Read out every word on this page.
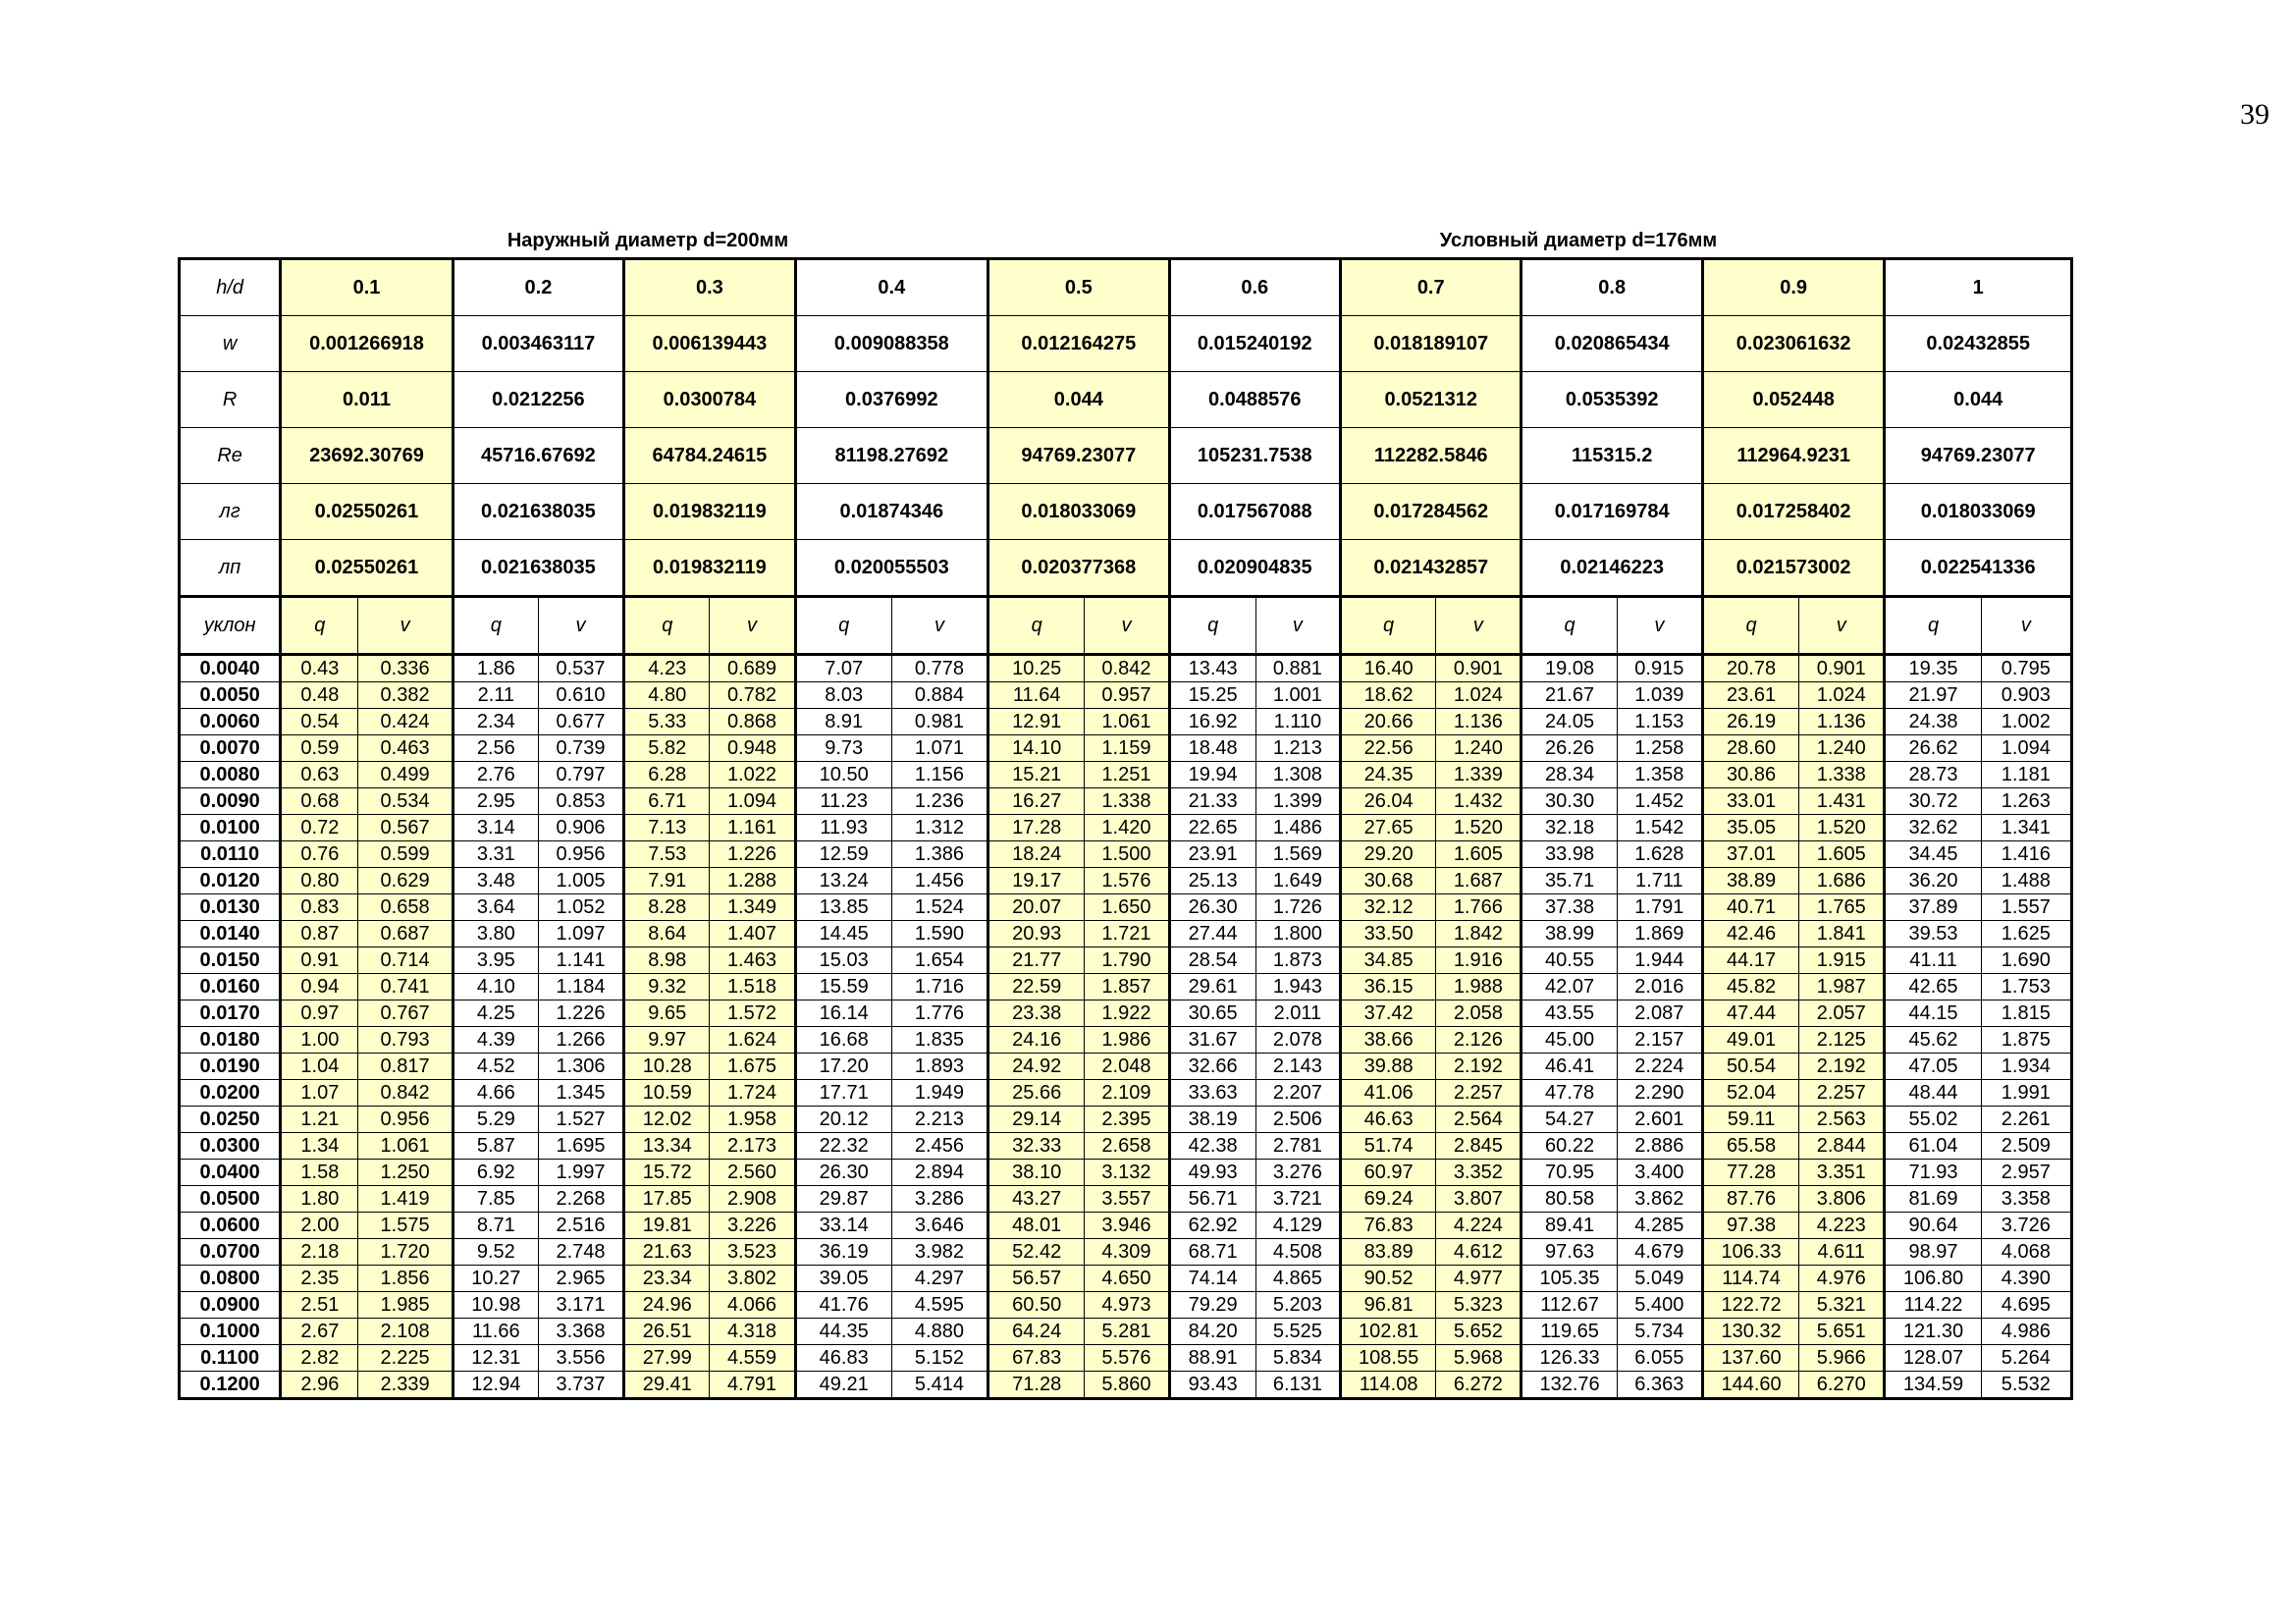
39
Наружный диаметр d=200мм	Условный диаметр d=176мм
h/d	0.1		0.2		0.3		0.4		0.5		0.6		0.7		0.8		0.9		1	
w	0.001266918		0.003463117		0.006139443		0.009088358		0.012164275		0.015240192		0.018189107		0.020865434		0.023061632		0.02432855	
R	0.011		0.0212256		0.0300784		0.0376992		0.044		0.0488576		0.0521312		0.0535392		0.052448		0.044	
Re	23692.30769		45716.67692		64784.24615		81198.27692		94769.23077		105231.7538		112282.5846		115315.2		112964.9231		94769.23077	
лг	0.02550261		0.021638035		0.019832119		0.01874346		0.018033069		0.017567088		0.017284562		0.017169784		0.017258402		0.018033069	
лп	0.02550261		0.021638035		0.019832119		0.020055503		0.020377368		0.020904835		0.021432857		0.02146223		0.021573002		0.022541336	
уклон	q	v	q	v	q	v	q	v	q	v	q	v	q	v	q	v	q	v	q	v
0.0040	0.43	0.336	1.86	0.537	4.23	0.689	7.07	0.778	10.25	0.842	13.43	0.881	16.40	0.901	19.08	0.915	20.78	0.901	19.35	0.795
0.0050	0.48	0.382	2.11	0.610	4.80	0.782	8.03	0.884	11.64	0.957	15.25	1.001	18.62	1.024	21.67	1.039	23.61	1.024	21.97	0.903
0.0060	0.54	0.424	2.34	0.677	5.33	0.868	8.91	0.981	12.91	1.061	16.92	1.110	20.66	1.136	24.05	1.153	26.19	1.136	24.38	1.002
0.0070	0.59	0.463	2.56	0.739	5.82	0.948	9.73	1.071	14.10	1.159	18.48	1.213	22.56	1.240	26.26	1.258	28.60	1.240	26.62	1.094
0.0080	0.63	0.499	2.76	0.797	6.28	1.022	10.50	1.156	15.21	1.251	19.94	1.308	24.35	1.339	28.34	1.358	30.86	1.338	28.73	1.181
0.0090	0.68	0.534	2.95	0.853	6.71	1.094	11.23	1.236	16.27	1.338	21.33	1.399	26.04	1.432	30.30	1.452	33.01	1.431	30.72	1.263
0.0100	0.72	0.567	3.14	0.906	7.13	1.161	11.93	1.312	17.28	1.420	22.65	1.486	27.65	1.520	32.18	1.542	35.05	1.520	32.62	1.341
0.0110	0.76	0.599	3.31	0.956	7.53	1.226	12.59	1.386	18.24	1.500	23.91	1.569	29.20	1.605	33.98	1.628	37.01	1.605	34.45	1.416
0.0120	0.80	0.629	3.48	1.005	7.91	1.288	13.24	1.456	19.17	1.576	25.13	1.649	30.68	1.687	35.71	1.711	38.89	1.686	36.20	1.488
0.0130	0.83	0.658	3.64	1.052	8.28	1.349	13.85	1.524	20.07	1.650	26.30	1.726	32.12	1.766	37.38	1.791	40.71	1.765	37.89	1.557
0.0140	0.87	0.687	3.80	1.097	8.64	1.407	14.45	1.590	20.93	1.721	27.44	1.800	33.50	1.842	38.99	1.869	42.46	1.841	39.53	1.625
0.0150	0.91	0.714	3.95	1.141	8.98	1.463	15.03	1.654	21.77	1.790	28.54	1.873	34.85	1.916	40.55	1.944	44.17	1.915	41.11	1.690
0.0160	0.94	0.741	4.10	1.184	9.32	1.518	15.59	1.716	22.59	1.857	29.61	1.943	36.15	1.988	42.07	2.016	45.82	1.987	42.65	1.753
0.0170	0.97	0.767	4.25	1.226	9.65	1.572	16.14	1.776	23.38	1.922	30.65	2.011	37.42	2.058	43.55	2.087	47.44	2.057	44.15	1.815
0.0180	1.00	0.793	4.39	1.266	9.97	1.624	16.68	1.835	24.16	1.986	31.67	2.078	38.66	2.126	45.00	2.157	49.01	2.125	45.62	1.875
0.0190	1.04	0.817	4.52	1.306	10.28	1.675	17.20	1.893	24.92	2.048	32.66	2.143	39.88	2.192	46.41	2.224	50.54	2.192	47.05	1.934
0.0200	1.07	0.842	4.66	1.345	10.59	1.724	17.71	1.949	25.66	2.109	33.63	2.207	41.06	2.257	47.78	2.290	52.04	2.257	48.44	1.991
0.0250	1.21	0.956	5.29	1.527	12.02	1.958	20.12	2.213	29.14	2.395	38.19	2.506	46.63	2.564	54.27	2.601	59.11	2.563	55.02	2.261
0.0300	1.34	1.061	5.87	1.695	13.34	2.173	22.32	2.456	32.33	2.658	42.38	2.781	51.74	2.845	60.22	2.886	65.58	2.844	61.04	2.509
0.0400	1.58	1.250	6.92	1.997	15.72	2.560	26.30	2.894	38.10	3.132	49.93	3.276	60.97	3.352	70.95	3.400	77.28	3.351	71.93	2.957
0.0500	1.80	1.419	7.85	2.268	17.85	2.908	29.87	3.286	43.27	3.557	56.71	3.721	69.24	3.807	80.58	3.862	87.76	3.806	81.69	3.358
0.0600	2.00	1.575	8.71	2.516	19.81	3.226	33.14	3.646	48.01	3.946	62.92	4.129	76.83	4.224	89.41	4.285	97.38	4.223	90.64	3.726
0.0700	2.18	1.720	9.52	2.748	21.63	3.523	36.19	3.982	52.42	4.309	68.71	4.508	83.89	4.612	97.63	4.679	106.33	4.611	98.97	4.068
0.0800	2.35	1.856	10.27	2.965	23.34	3.802	39.05	4.297	56.57	4.650	74.14	4.865	90.52	4.977	105.35	5.049	114.74	4.976	106.80	4.390
0.0900	2.51	1.985	10.98	3.171	24.96	4.066	41.76	4.595	60.50	4.973	79.29	5.203	96.81	5.323	112.67	5.400	122.72	5.321	114.22	4.695
0.1000	2.67	2.108	11.66	3.368	26.51	4.318	44.35	4.880	64.24	5.281	84.20	5.525	102.81	5.652	119.65	5.734	130.32	5.651	121.30	4.986
0.1100	2.82	2.225	12.31	3.556	27.99	4.559	46.83	5.152	67.83	5.576	88.91	5.834	108.55	5.968	126.33	6.055	137.60	5.966	128.07	5.264
0.1200	2.96	2.339	12.94	3.737	29.41	4.791	49.21	5.414	71.28	5.860	93.43	6.131	114.08	6.272	132.76	6.363	144.60	6.270	134.59	5.532
